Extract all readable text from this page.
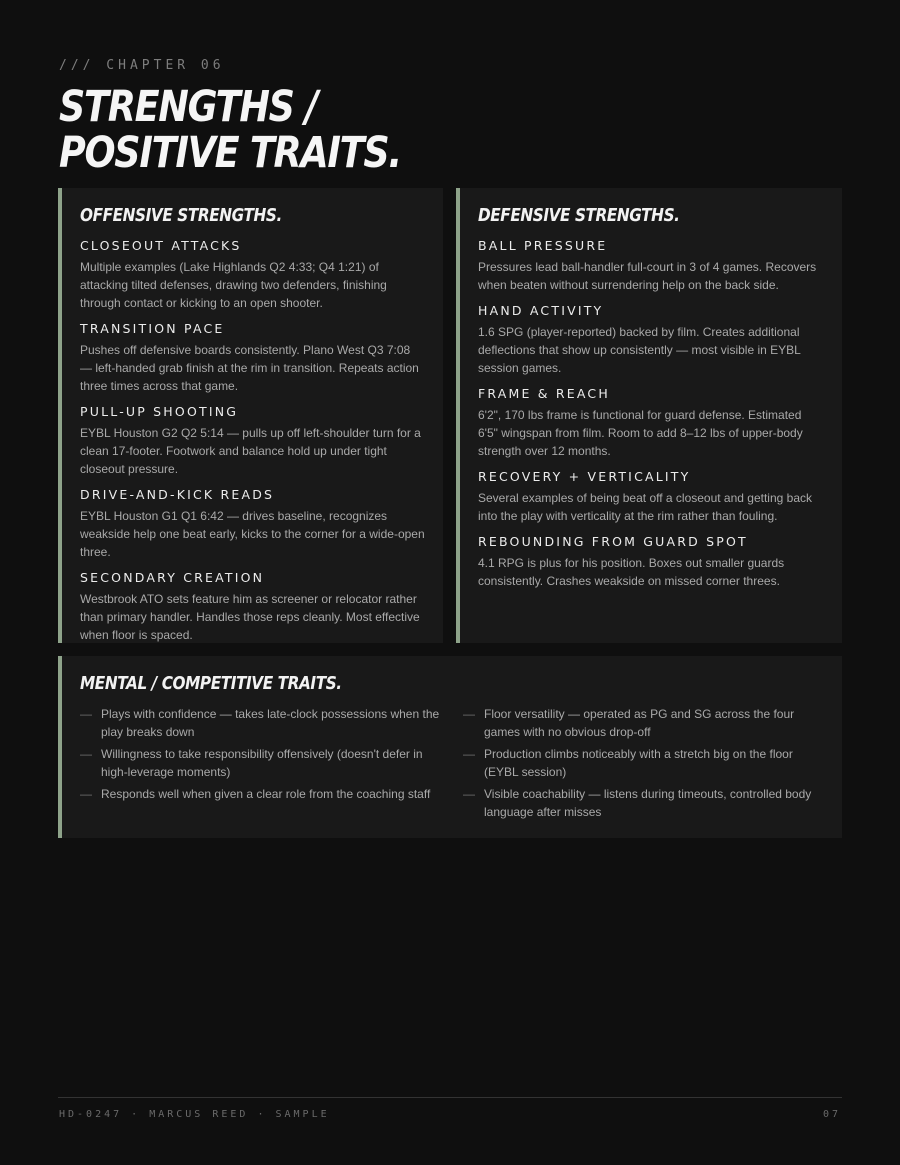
/// CHAPTER 06
STRENGTHS /
POSITIVE TRAITS.
OFFENSIVE STRENGTHS.
CLOSEOUT ATTACKS
Multiple examples (Lake Highlands Q2 4:33; Q4 1:21) of attacking tilted defenses, drawing two defenders, finishing through contact or kicking to an open shooter.
TRANSITION PACE
Pushes off defensive boards consistently. Plano West Q3 7:08 — left-handed grab finish at the rim in transition. Repeats action three times across that game.
PULL-UP SHOOTING
EYBL Houston G2 Q2 5:14 — pulls up off left-shoulder turn for a clean 17-footer. Footwork and balance hold up under tight closeout pressure.
DRIVE-AND-KICK READS
EYBL Houston G1 Q1 6:42 — drives baseline, recognizes weakside help one beat early, kicks to the corner for a wide-open three.
SECONDARY CREATION
Westbrook ATO sets feature him as screener or relocator rather than primary handler. Handles those reps cleanly. Most effective when floor is spaced.
DEFENSIVE STRENGTHS.
BALL PRESSURE
Pressures lead ball-handler full-court in 3 of 4 games. Recovers when beaten without surrendering help on the back side.
HAND ACTIVITY
1.6 SPG (player-reported) backed by film. Creates additional deflections that show up consistently — most visible in EYBL session games.
FRAME & REACH
6'2", 170 lbs frame is functional for guard defense. Estimated 6'5" wingspan from film. Room to add 8–12 lbs of upper-body strength over 12 months.
RECOVERY + VERTICALITY
Several examples of being beat off a closeout and getting back into the play with verticality at the rim rather than fouling.
REBOUNDING FROM GUARD SPOT
4.1 RPG is plus for his position. Boxes out smaller guards consistently. Crashes weakside on missed corner threes.
MENTAL / COMPETITIVE TRAITS.
— Plays with confidence — takes late-clock possessions when the play breaks down
— Willingness to take responsibility offensively (doesn't defer in high-leverage moments)
— Responds well when given a clear role from the coaching staff
— Floor versatility — operated as PG and SG across the four games with no obvious drop-off
— Production climbs noticeably with a stretch big on the floor (EYBL session)
— Visible coachability — listens during timeouts, controlled body language after misses
HD-0247 · MARCUS REED · SAMPLE	07
